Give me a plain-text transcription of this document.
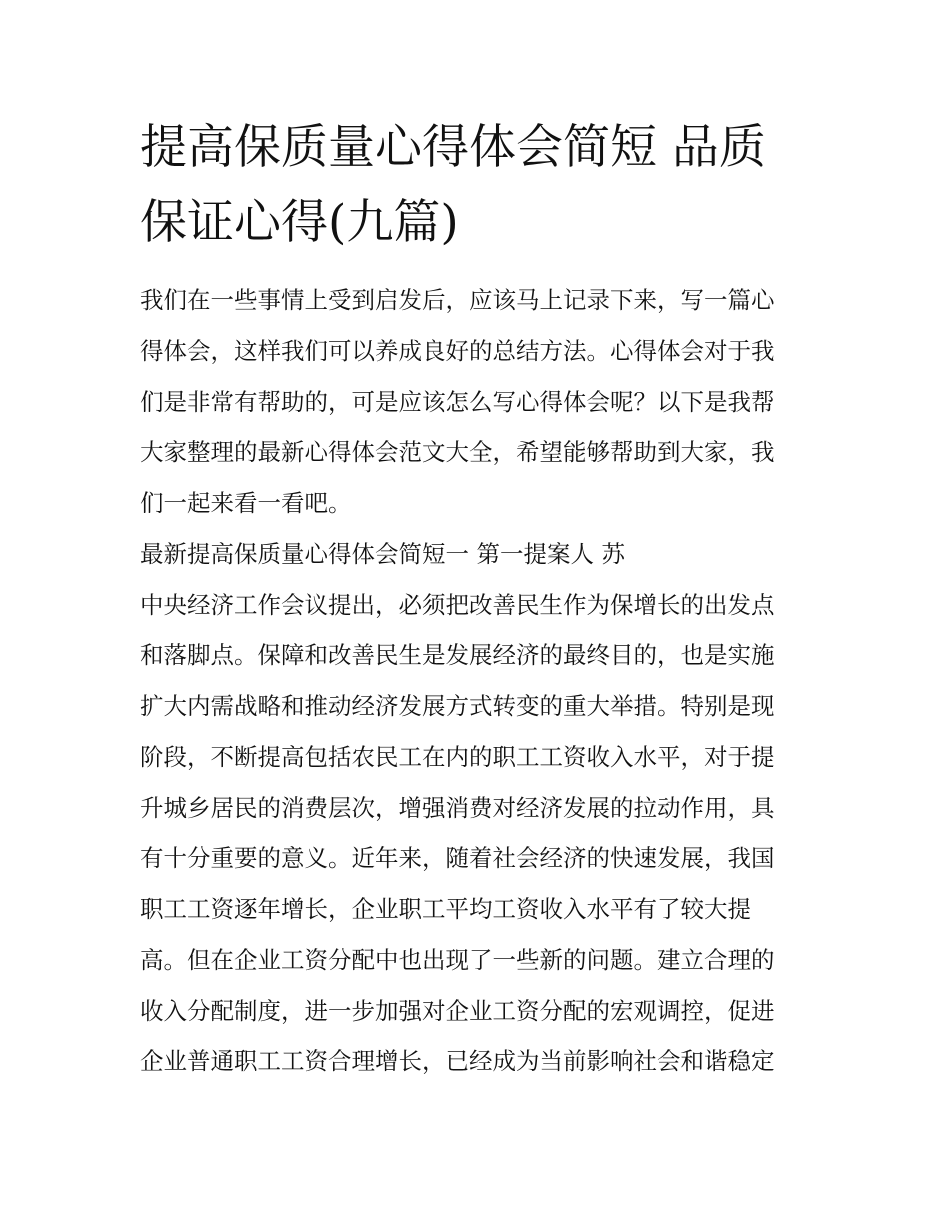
提高保质量心得体会简短 品质
保证心得(九篇)
我们在一些事情上受到启发后，应该马上记录下来，写一篇心
得体会，这样我们可以养成良好的总结方法。心得体会对于我
们是非常有帮助的，可是应该怎么写心得体会呢？以下是我帮
大家整理的最新心得体会范文大全，希望能够帮助到大家，我
们一起来看一看吧。
最新提高保质量心得体会简短一 第一提案人 苏
中央经济工作会议提出，必须把改善民生作为保增长的出发点
和落脚点。保障和改善民生是发展经济的最终目的，也是实施
扩大内需战略和推动经济发展方式转变的重大举措。特别是现
阶段，不断提高包括农民工在内的职工工资收入水平，对于提
升城乡居民的消费层次，增强消费对经济发展的拉动作用，具
有十分重要的意义。近年来，随着社会经济的快速发展，我国
职工工资逐年增长，企业职工平均工资收入水平有了较大提
高。但在企业工资分配中也出现了一些新的问题。建立合理的
收入分配制度，进一步加强对企业工资分配的宏观调控，促进
企业普通职工工资合理增长，已经成为当前影响社会和谐稳定
